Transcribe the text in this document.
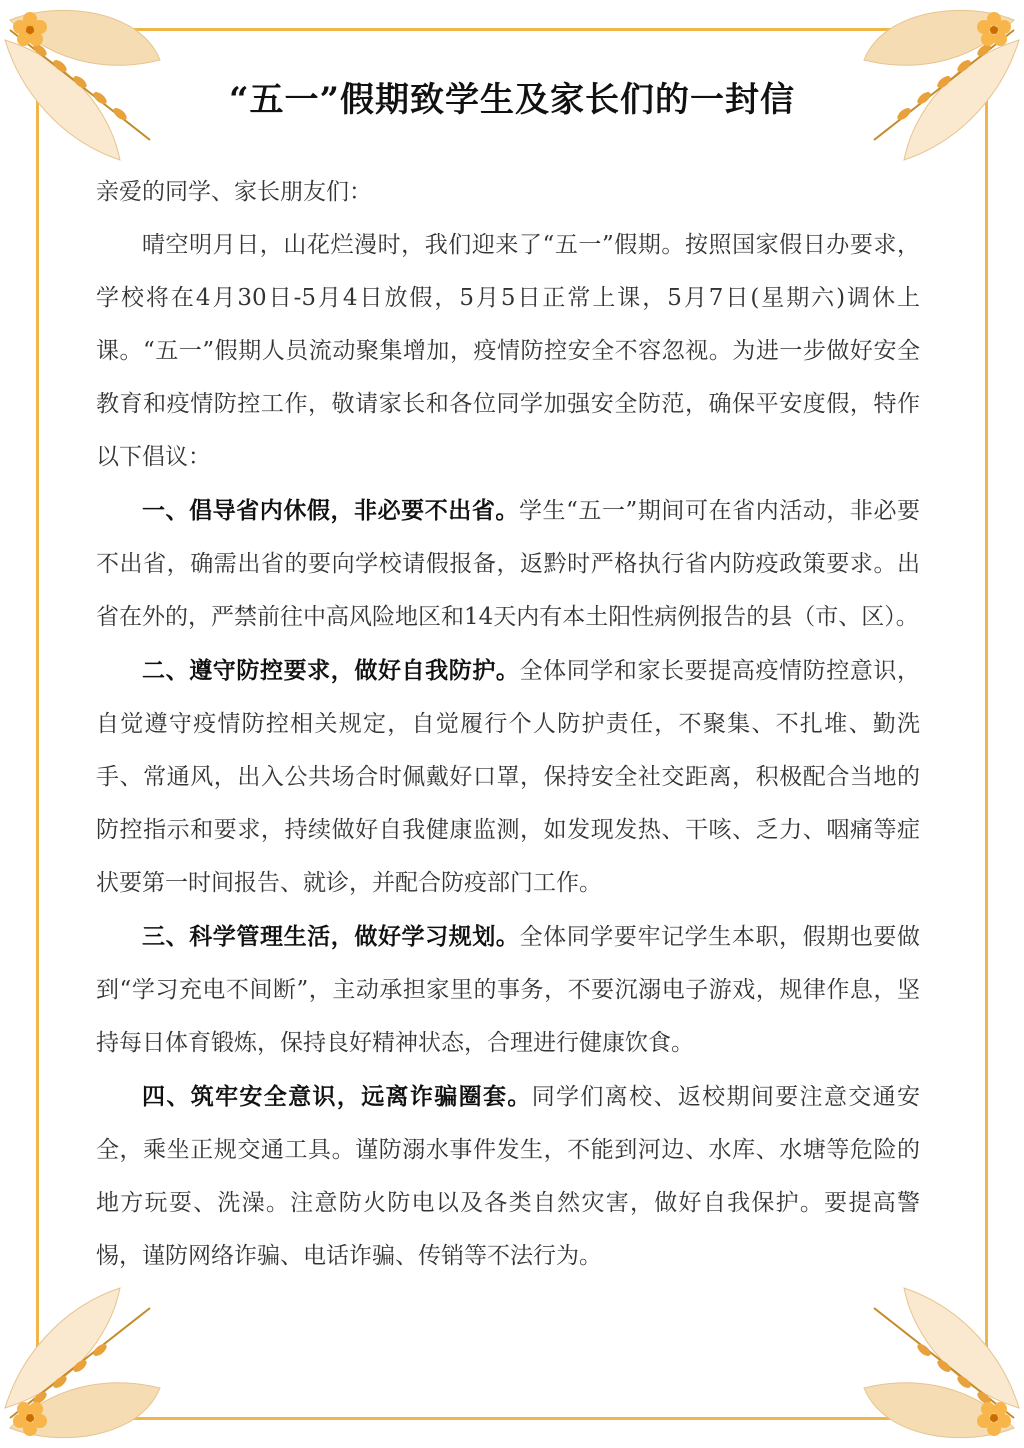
“五一”假期致学生及家长们的一封信

亲爱的同学、家长朋友们：

晴空明月日，山花烂漫时，我们迎来了“五一”假期。按照国家假日办要求，学校将在4月30日-5月4日放假，5月5日正常上课，5月7日(星期六)调休上课。“五一”假期人员流动聚集增加，疫情防控安全不容忽视。为进一步做好安全教育和疫情防控工作，敬请家长和各位同学加强安全防范，确保平安度假，特作以下倡议：

一、倡导省内休假，非必要不出省。学生“五一”期间可在省内活动，非必要不出省，确需出省的要向学校请假报备，返黔时严格执行省内防疫政策要求。出省在外的，严禁前往中高风险地区和14天内有本土阳性病例报告的县（市、区）。

二、遵守防控要求，做好自我防护。全体同学和家长要提高疫情防控意识，自觉遵守疫情防控相关规定，自觉履行个人防护责任，不聚集、不扎堆、勤洗手、常通风，出入公共场合时佩戴好口罩，保持安全社交距离，积极配合当地的防控指示和要求，持续做好自我健康监测，如发现发热、干咳、乏力、咽痛等症状要第一时间报告、就诊，并配合防疫部门工作。

三、科学管理生活，做好学习规划。全体同学要牢记学生本职，假期也要做到“学习充电不间断”，主动承担家里的事务，不要沉溺电子游戏，规律作息，坚持每日体育锻炼，保持良好精神状态，合理进行健康饮食。

四、筑牢安全意识，远离诈骗圈套。同学们离校、返校期间要注意交通安全，乘坐正规交通工具。谨防溺水事件发生，不能到河边、水库、水塘等危险的地方玩耍、洗澡。注意防火防电以及各类自然灾害，做好自我保护。要提高警惕，谨防网络诈骗、电话诈骗、传销等不法行为。
